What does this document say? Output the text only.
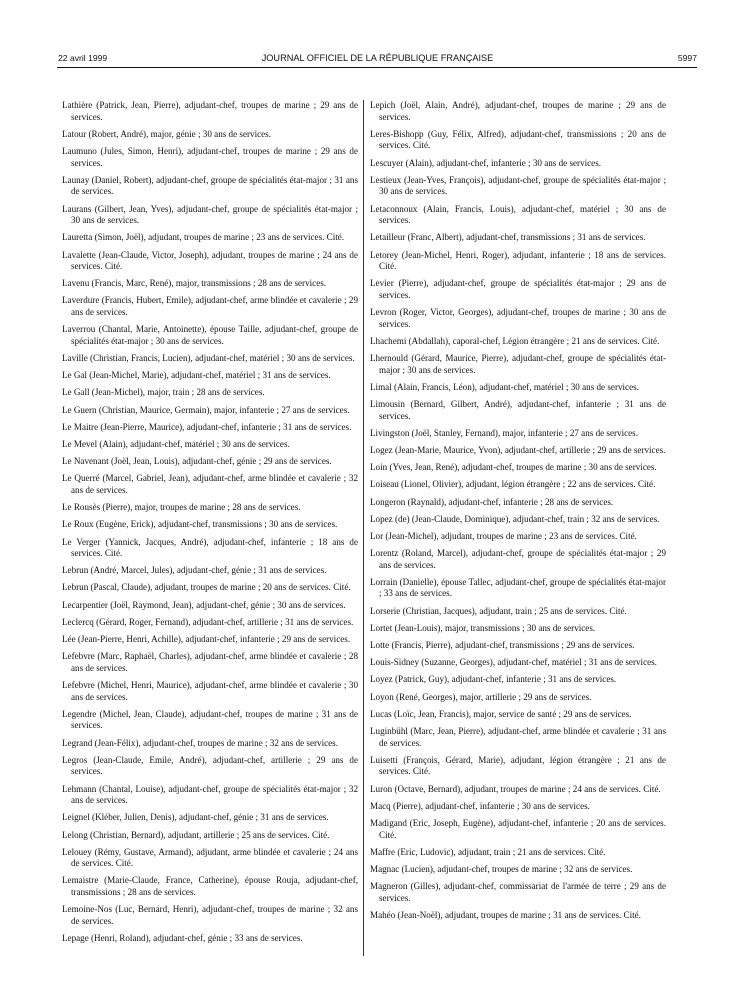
22 avril 1999	JOURNAL OFFICIEL DE LA RÉPUBLIQUE FRANÇAISE	5997

Lathière (Patrick, Jean, Pierre), adjudant-chef, troupes de marine ; 29 ans de services.

Latour (Robert, André), major, génie ; 30 ans de services.

Laumuno (Jules, Simon, Henri), adjudant-chef, troupes de marine ; 29 ans de services.

Launay (Daniel, Robert), adjudant-chef, groupe de spécialités état-major ; 31 ans de services.

Laurans (Gilbert, Jean, Yves), adjudant-chef, groupe de spécialités état-major ; 30 ans de services.

Lauretta (Simon, Joël), adjudant, troupes de marine ; 23 ans de services. Cité.

Lavalette (Jean-Claude, Victor, Joseph), adjudant, troupes de marine ; 24 ans de services. Cité.

Lavenu (Francis, Marc, René), major, transmissions ; 28 ans de services.

Laverdure (Francis, Hubert, Emile), adjudant-chef, arme blindée et cavalerie ; 29 ans de services.

Laverrou (Chantal, Marie, Antoinette), épouse Taille, adjudant-chef, groupe de spécialités état-major ; 30 ans de services.

Laville (Christian, Francis, Lucien), adjudant-chef, matériel ; 30 ans de services.

Le Gal (Jean-Michel, Marie), adjudant-chef, matériel ; 31 ans de services.

Le Gall (Jean-Michel), major, train ; 28 ans de services.

Le Guern (Christian, Maurice, Germain), major, infanterie ; 27 ans de services.

Le Maitre (Jean-Pierre, Maurice), adjudant-chef, infanterie ; 31 ans de services.

Le Mevel (Alain), adjudant-chef, matériel ; 30 ans de services.

Le Navenant (Joël, Jean, Louis), adjudant-chef, génie ; 29 ans de services.

Le Querré (Marcel, Gabriel, Jean), adjudant-chef, arme blindée et cavalerie ; 32 ans de services.

Le Rousès (Pierre), major, troupes de marine ; 28 ans de services.

Le Roux (Eugène, Erick), adjudant-chef, transmissions ; 30 ans de services.

Le Verger (Yannick, Jacques, André), adjudant-chef, infanterie ; 18 ans de services. Cité.

Lebrun (André, Marcel, Jules), adjudant-chef, génie ; 31 ans de services.

Lebrun (Pascal, Claude), adjudant, troupes de marine ; 20 ans de services. Cité.

Lecarpentier (Joël, Raymond, Jean), adjudant-chef, génie ; 30 ans de services.

Leclercq (Gérard, Roger, Fernand), adjudant-chef, artillerie ; 31 ans de services.

Lée (Jean-Pierre, Henri, Achille), adjudant-chef, infanterie ; 29 ans de services.

Lefebvre (Marc, Raphaël, Charles), adjudant-chef, arme blindée et cavalerie ; 28 ans de services.

Lefebvre (Michel, Henri, Maurice), adjudant-chef, arme blindée et cavalerie ; 30 ans de services.

Legendre (Michel, Jean, Claude), adjudant-chef, troupes de marine ; 31 ans de services.

Legrand (Jean-Félix), adjudant-chef, troupes de marine ; 32 ans de services.

Legros (Jean-Claude, Emile, André), adjudant-chef, artillerie ; 29 ans de services.

Lehmann (Chantal, Louise), adjudant-chef, groupe de spécialités état-major ; 32 ans de services.

Leignel (Kléber, Julien, Denis), adjudant-chef, génie ; 31 ans de services.

Lelong (Christian, Bernard), adjudant, artillerie ; 25 ans de services. Cité.

Lelouey (Rémy, Gustave, Armand), adjudant, arme blindée et cavalerie ; 24 ans de services. Cité.

Lemaistre (Marie-Claude, France, Catherine), épouse Rouja, adjudant-chef, transmissions ; 28 ans de services.

Lemoine-Nos (Luc, Bernard, Henri), adjudant-chef, troupes de marine ; 32 ans de services.

Lepage (Henri, Roland), adjudant-chef, génie ; 33 ans de services.

Lepich (Joël, Alain, André), adjudant-chef, troupes de marine ; 29 ans de services.

Leres-Bishopp (Guy, Félix, Alfred), adjudant-chef, transmissions ; 20 ans de services. Cité.

Lescuyer (Alain), adjudant-chef, infanterie ; 30 ans de services.

Lestieux (Jean-Yves, François), adjudant-chef, groupe de spécialités état-major ; 30 ans de services.

Letaconnoux (Alain, Francis, Louis), adjudant-chef, matériel ; 30 ans de services.

Letailleur (Franc, Albert), adjudant-chef, transmissions ; 31 ans de services.

Letorey (Jean-Michel, Henri, Roger), adjudant, infanterie ; 18 ans de services. Cité.

Levier (Pierre), adjudant-chef, groupe de spécialités état-major ; 29 ans de services.

Levron (Roger, Victor, Georges), adjudant-chef, troupes de marine ; 30 ans de services.

Lhachemi (Abdallah), caporal-chef, Légion étrangère ; 21 ans de services. Cité.

Lhernould (Gérard, Maurice, Pierre), adjudant-chef, groupe de spécialités état-major ; 30 ans de services.

Limal (Alain, Francis, Léon), adjudant-chef, matériel ; 30 ans de services.

Limousin (Bernard, Gilbert, André), adjudant-chef, infanterie ; 31 ans de services.

Livingston (Joël, Stanley, Fernand), major, infanterie ; 27 ans de services.

Logez (Jean-Marie, Maurice, Yvon), adjudant-chef, artillerie ; 29 ans de services.

Loin (Yves, Jean, René), adjudant-chef, troupes de marine ; 30 ans de services.

Loiseau (Lionel, Olivier), adjudant, légion étrangère ; 22 ans de services. Cité.

Longeron (Raynald), adjudant-chef, infanterie ; 28 ans de services.

Lopez (de) (Jean-Claude, Dominique), adjudant-chef, train ; 32 ans de services.

Lor (Jean-Michel), adjudant, troupes de marine ; 23 ans de services. Cité.

Lorentz (Roland, Marcel), adjudant-chef, groupe de spécialités état-major ; 29 ans de services.

Lorrain (Danielle), épouse Tallec, adjudant-chef, groupe de spécialités état-major ; 33 ans de services.

Lorserie (Christian, Jacques), adjudant, train ; 25 ans de services. Cité.

Lortet (Jean-Louis), major, transmissions ; 30 ans de services.

Lotte (Francis, Pierre), adjudant-chef, transmissions ; 29 ans de services.

Louis-Sidney (Suzanne, Georges), adjudant-chef, matériel ; 31 ans de services.

Loyez (Patrick, Guy), adjudant-chef, infanterie ; 31 ans de services.

Loyon (René, Georges), major, artillerie ; 29 ans de services.

Lucas (Loïc, Jean, Francis), major, service de santé ; 29 ans de services.

Luginbühl (Marc, Jean, Pierre), adjudant-chef, arme blindée et cavalerie ; 31 ans de services.

Luisetti (François, Gérard, Marie), adjudant, légion étrangère ; 21 ans de services. Cité.

Luron (Octave, Bernard), adjudant, troupes de marine ; 24 ans de services. Cité.

Macq (Pierre), adjudant-chef, infanterie ; 30 ans de services.

Madigand (Eric, Joseph, Eugène), adjudant-chef, infanterie ; 20 ans de services. Cité.

Maffre (Eric, Ludovic), adjudant, train ; 21 ans de services. Cité.

Magnac (Lucien), adjudant-chef, troupes de marine ; 32 ans de services.

Magneron (Gilles), adjudant-chef, commissariat de l'armée de terre ; 29 ans de services.

Mahéo (Jean-Noël), adjudant, troupes de marine ; 31 ans de services. Cité.
